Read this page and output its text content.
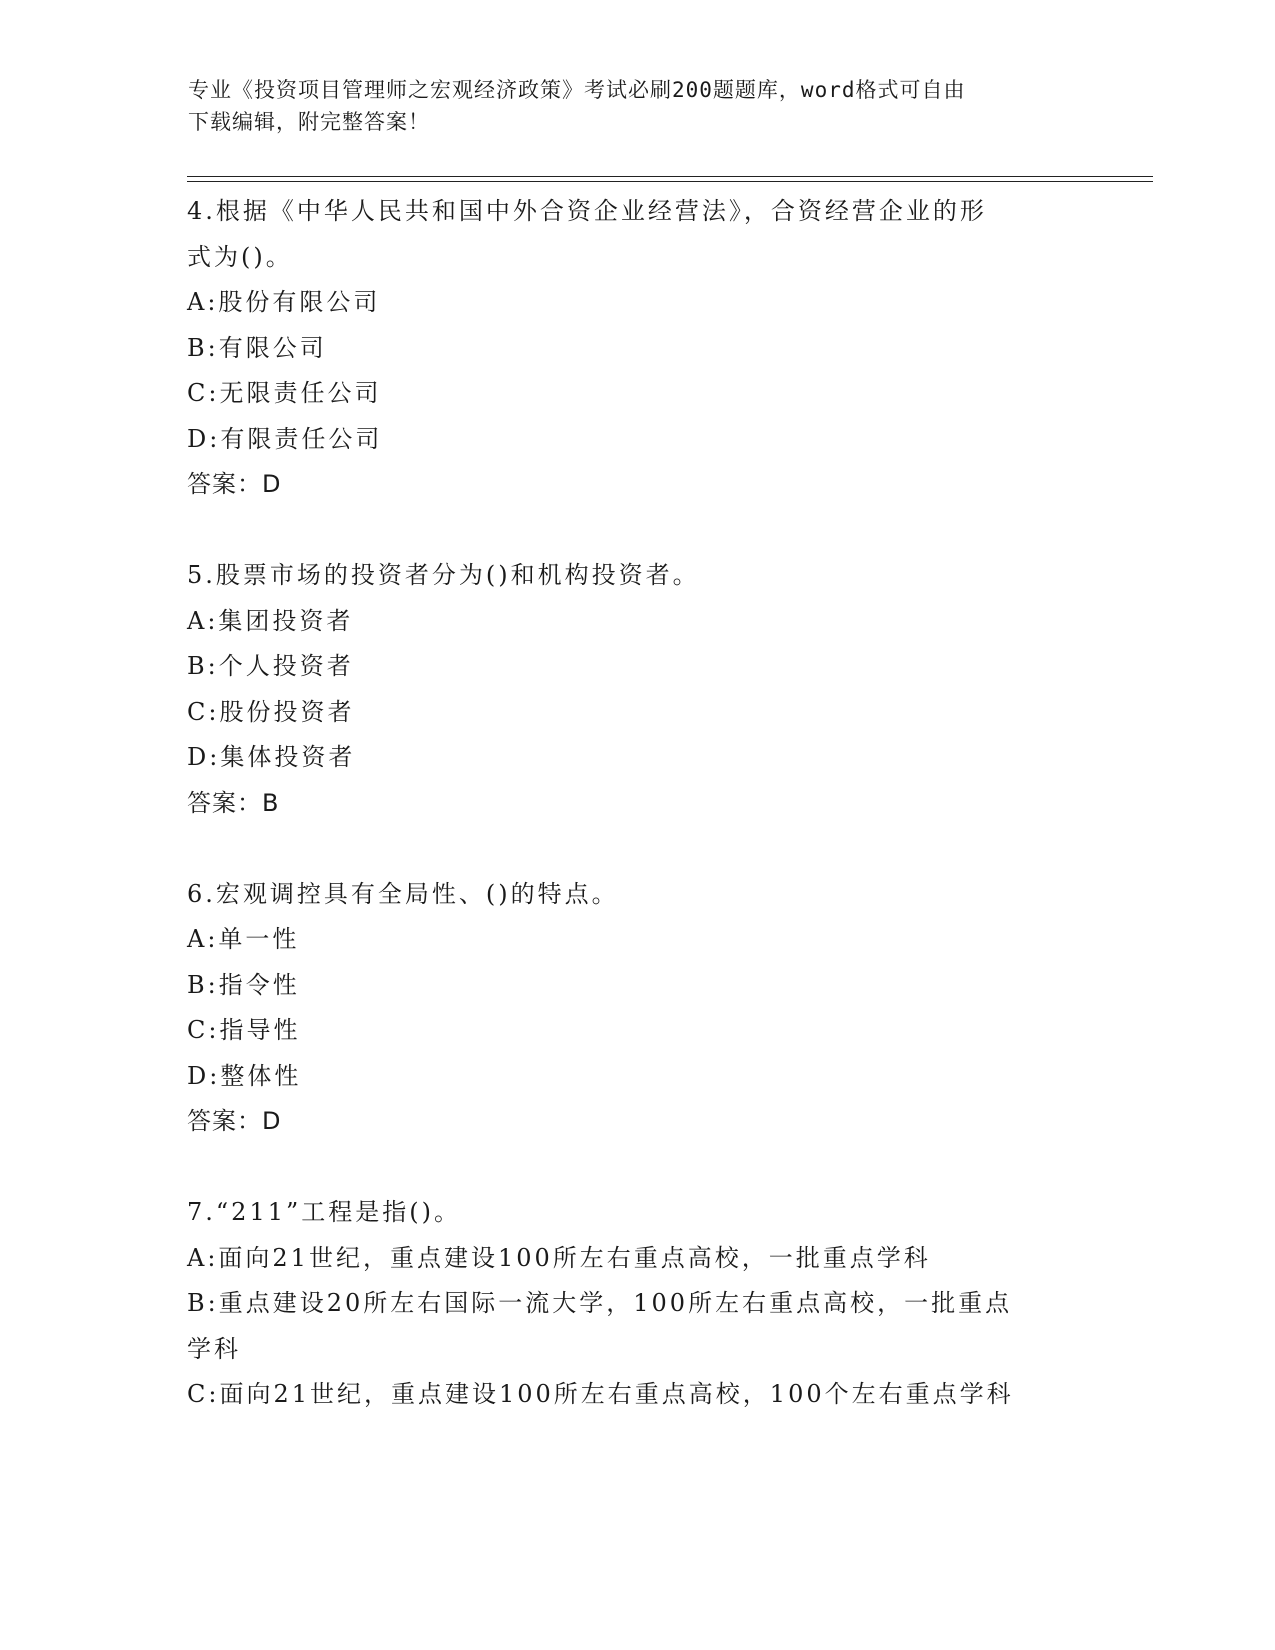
专业《投资项目管理师之宏观经济政策》考试必刷200题题库，word格式可自由
下载编辑，附完整答案！
4.根据《中华人民共和国中外合资企业经营法》，合资经营企业的形
式为()。
A:股份有限公司
B:有限公司
C:无限责任公司
D:有限责任公司
答案：D
5.股票市场的投资者分为()和机构投资者。
A:集团投资者
B:个人投资者
C:股份投资者
D:集体投资者
答案：B
6.宏观调控具有全局性、()的特点。
A:单一性
B:指令性
C:指导性
D:整体性
答案：D
7.“211”工程是指()。
A:面向21世纪，重点建设100所左右重点高校，一批重点学科
B:重点建设20所左右国际一流大学，100所左右重点高校，一批重点
学科
C:面向21世纪，重点建设100所左右重点高校，100个左右重点学科
